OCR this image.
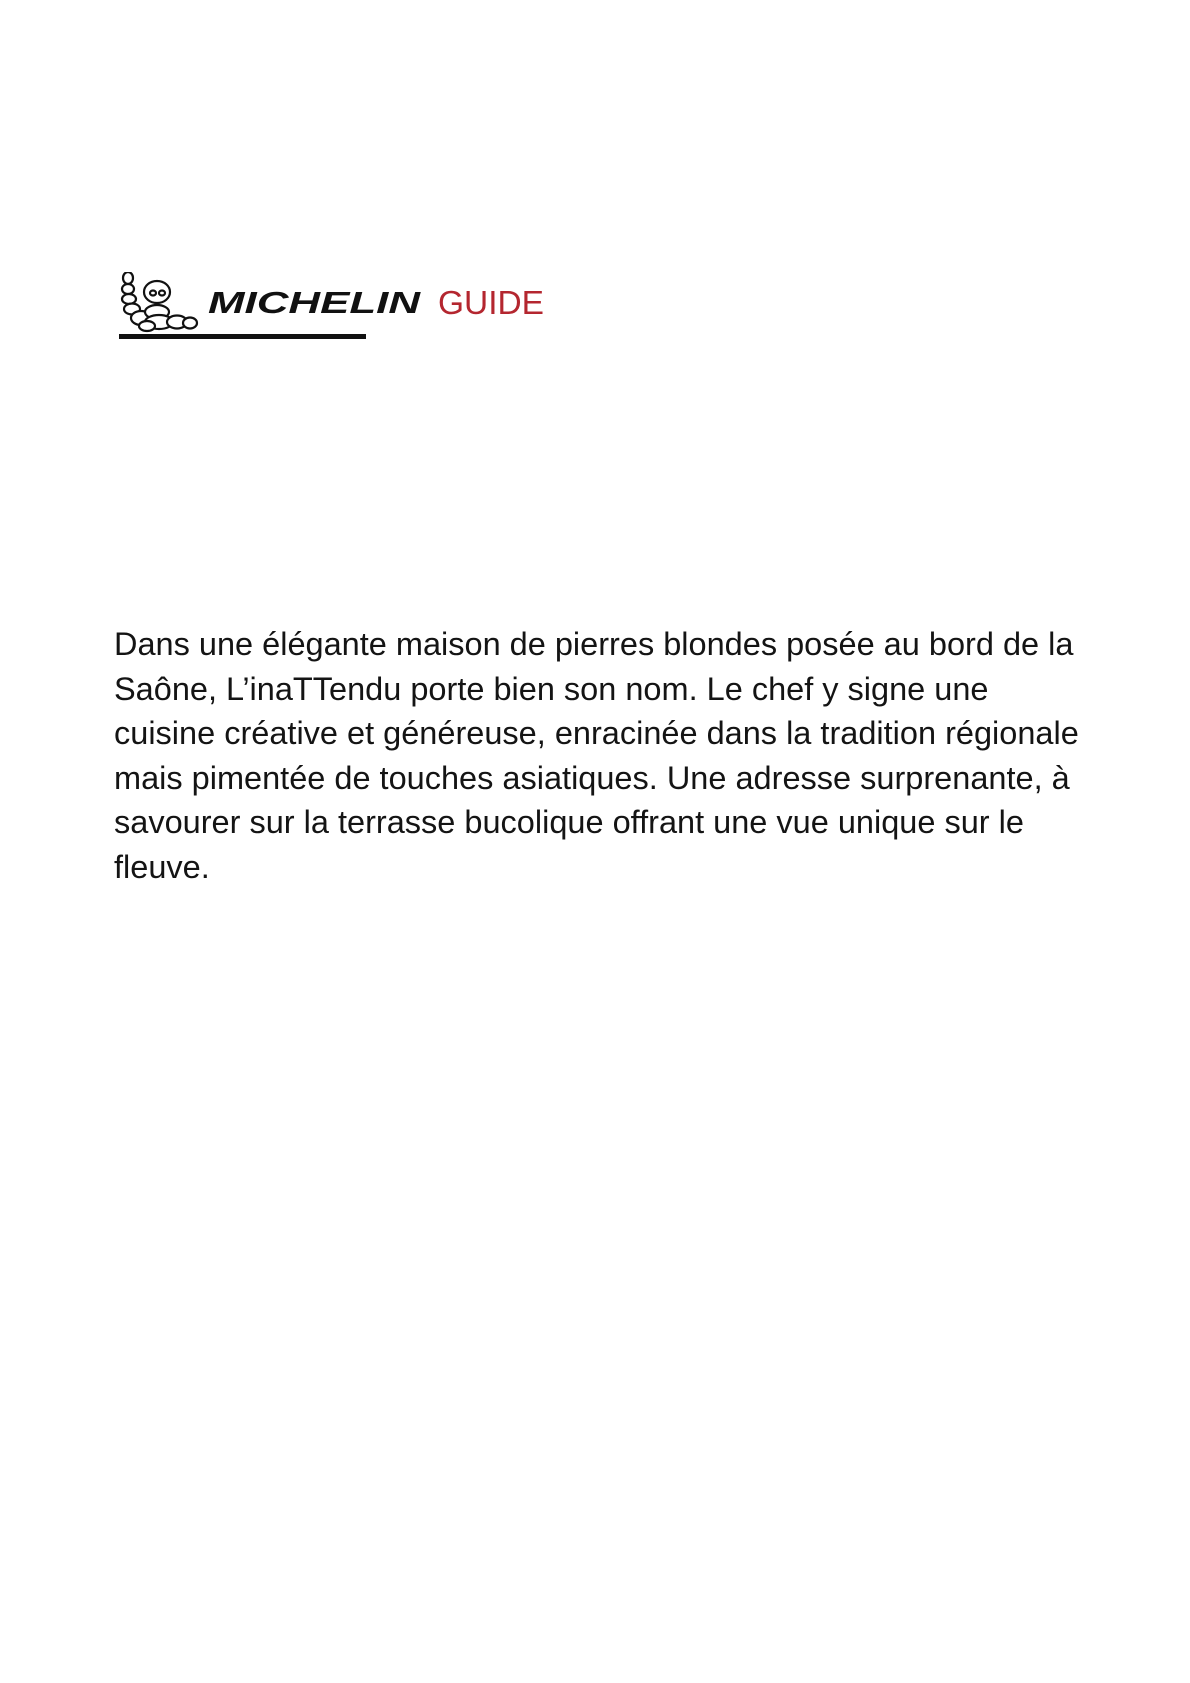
MICHELIN GUIDE

Dans une élégante maison de pierres blondes posée au bord de la Saône, L’inaTTendu porte bien son nom. Le chef y signe une cuisine créative et généreuse, enracinée dans la tradition régionale mais pimentée de touches asiatiques. Une adresse surprenante, à savourer sur la terrasse bucolique offrant une vue unique sur le fleuve.
